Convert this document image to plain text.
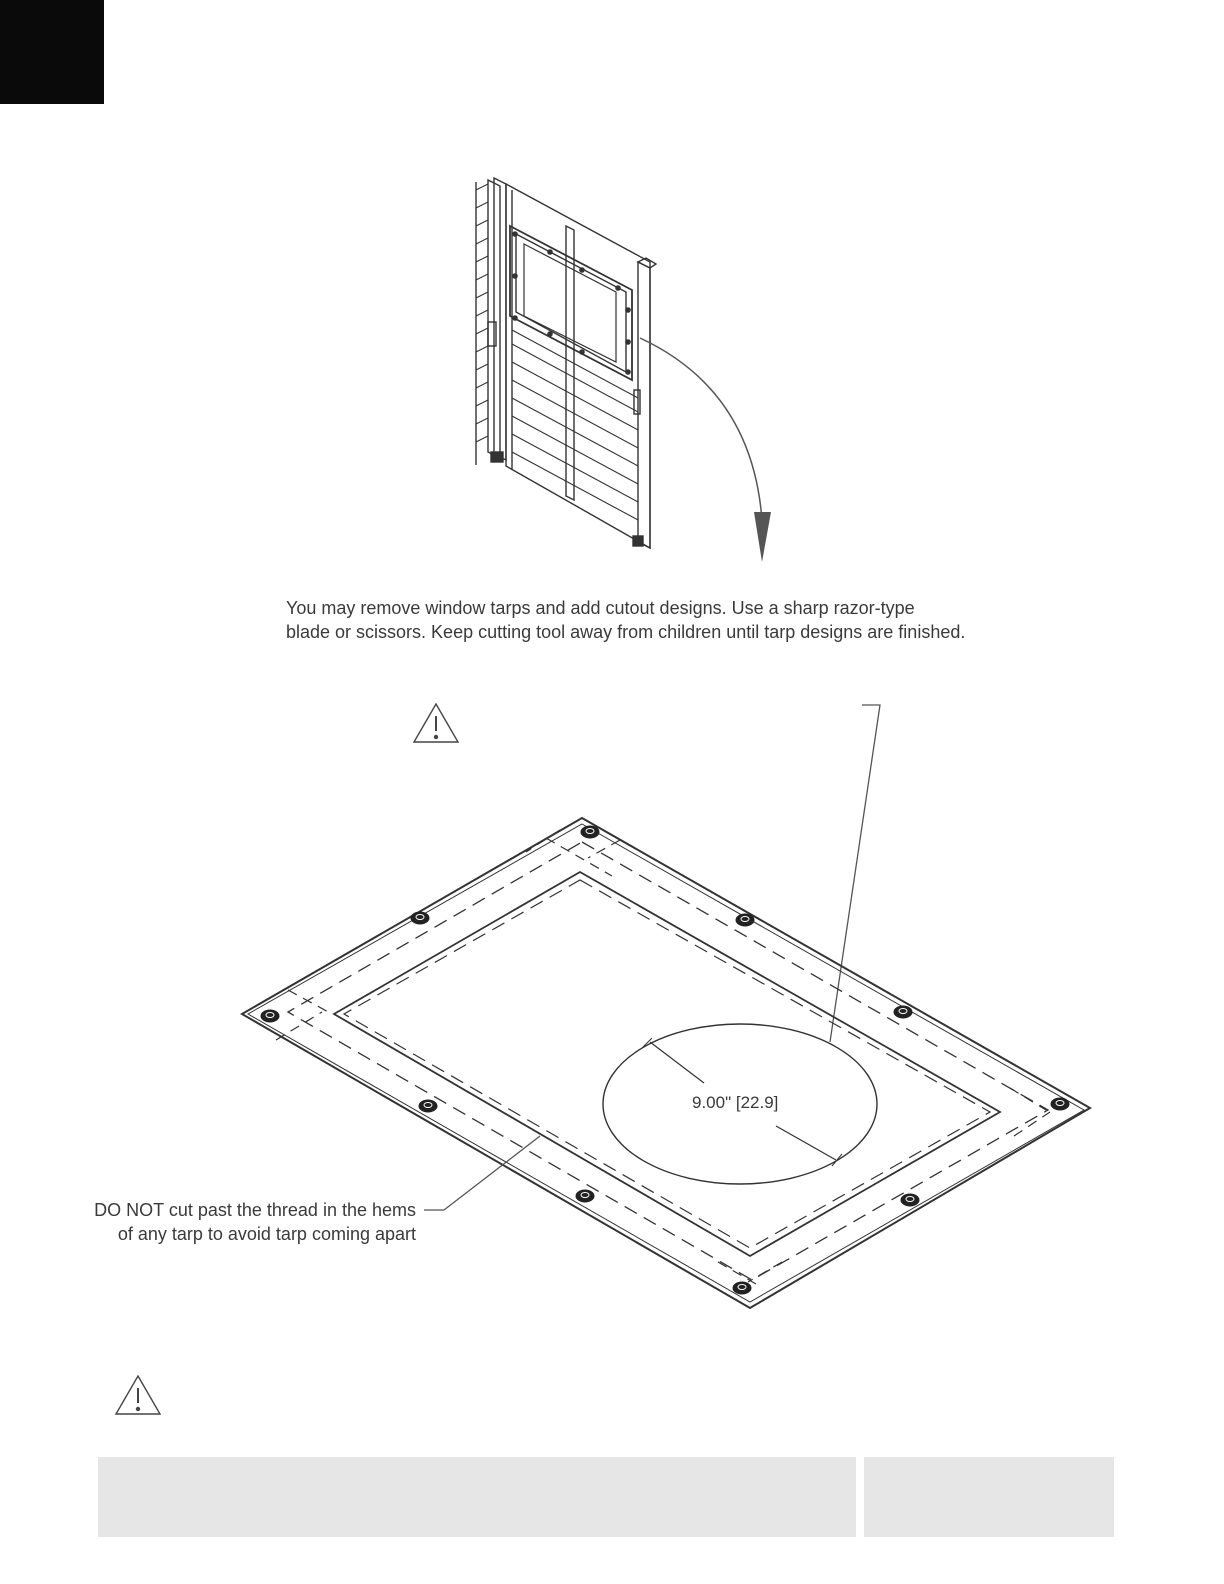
You may remove window tarps and add cutout designs. Use a sharp razor-type
blade or scissors. Keep cutting tool away from children until tarp designs are finished.
9.00" [22.9]
DO NOT cut past the thread in the hems
of any tarp to avoid tarp coming apart
